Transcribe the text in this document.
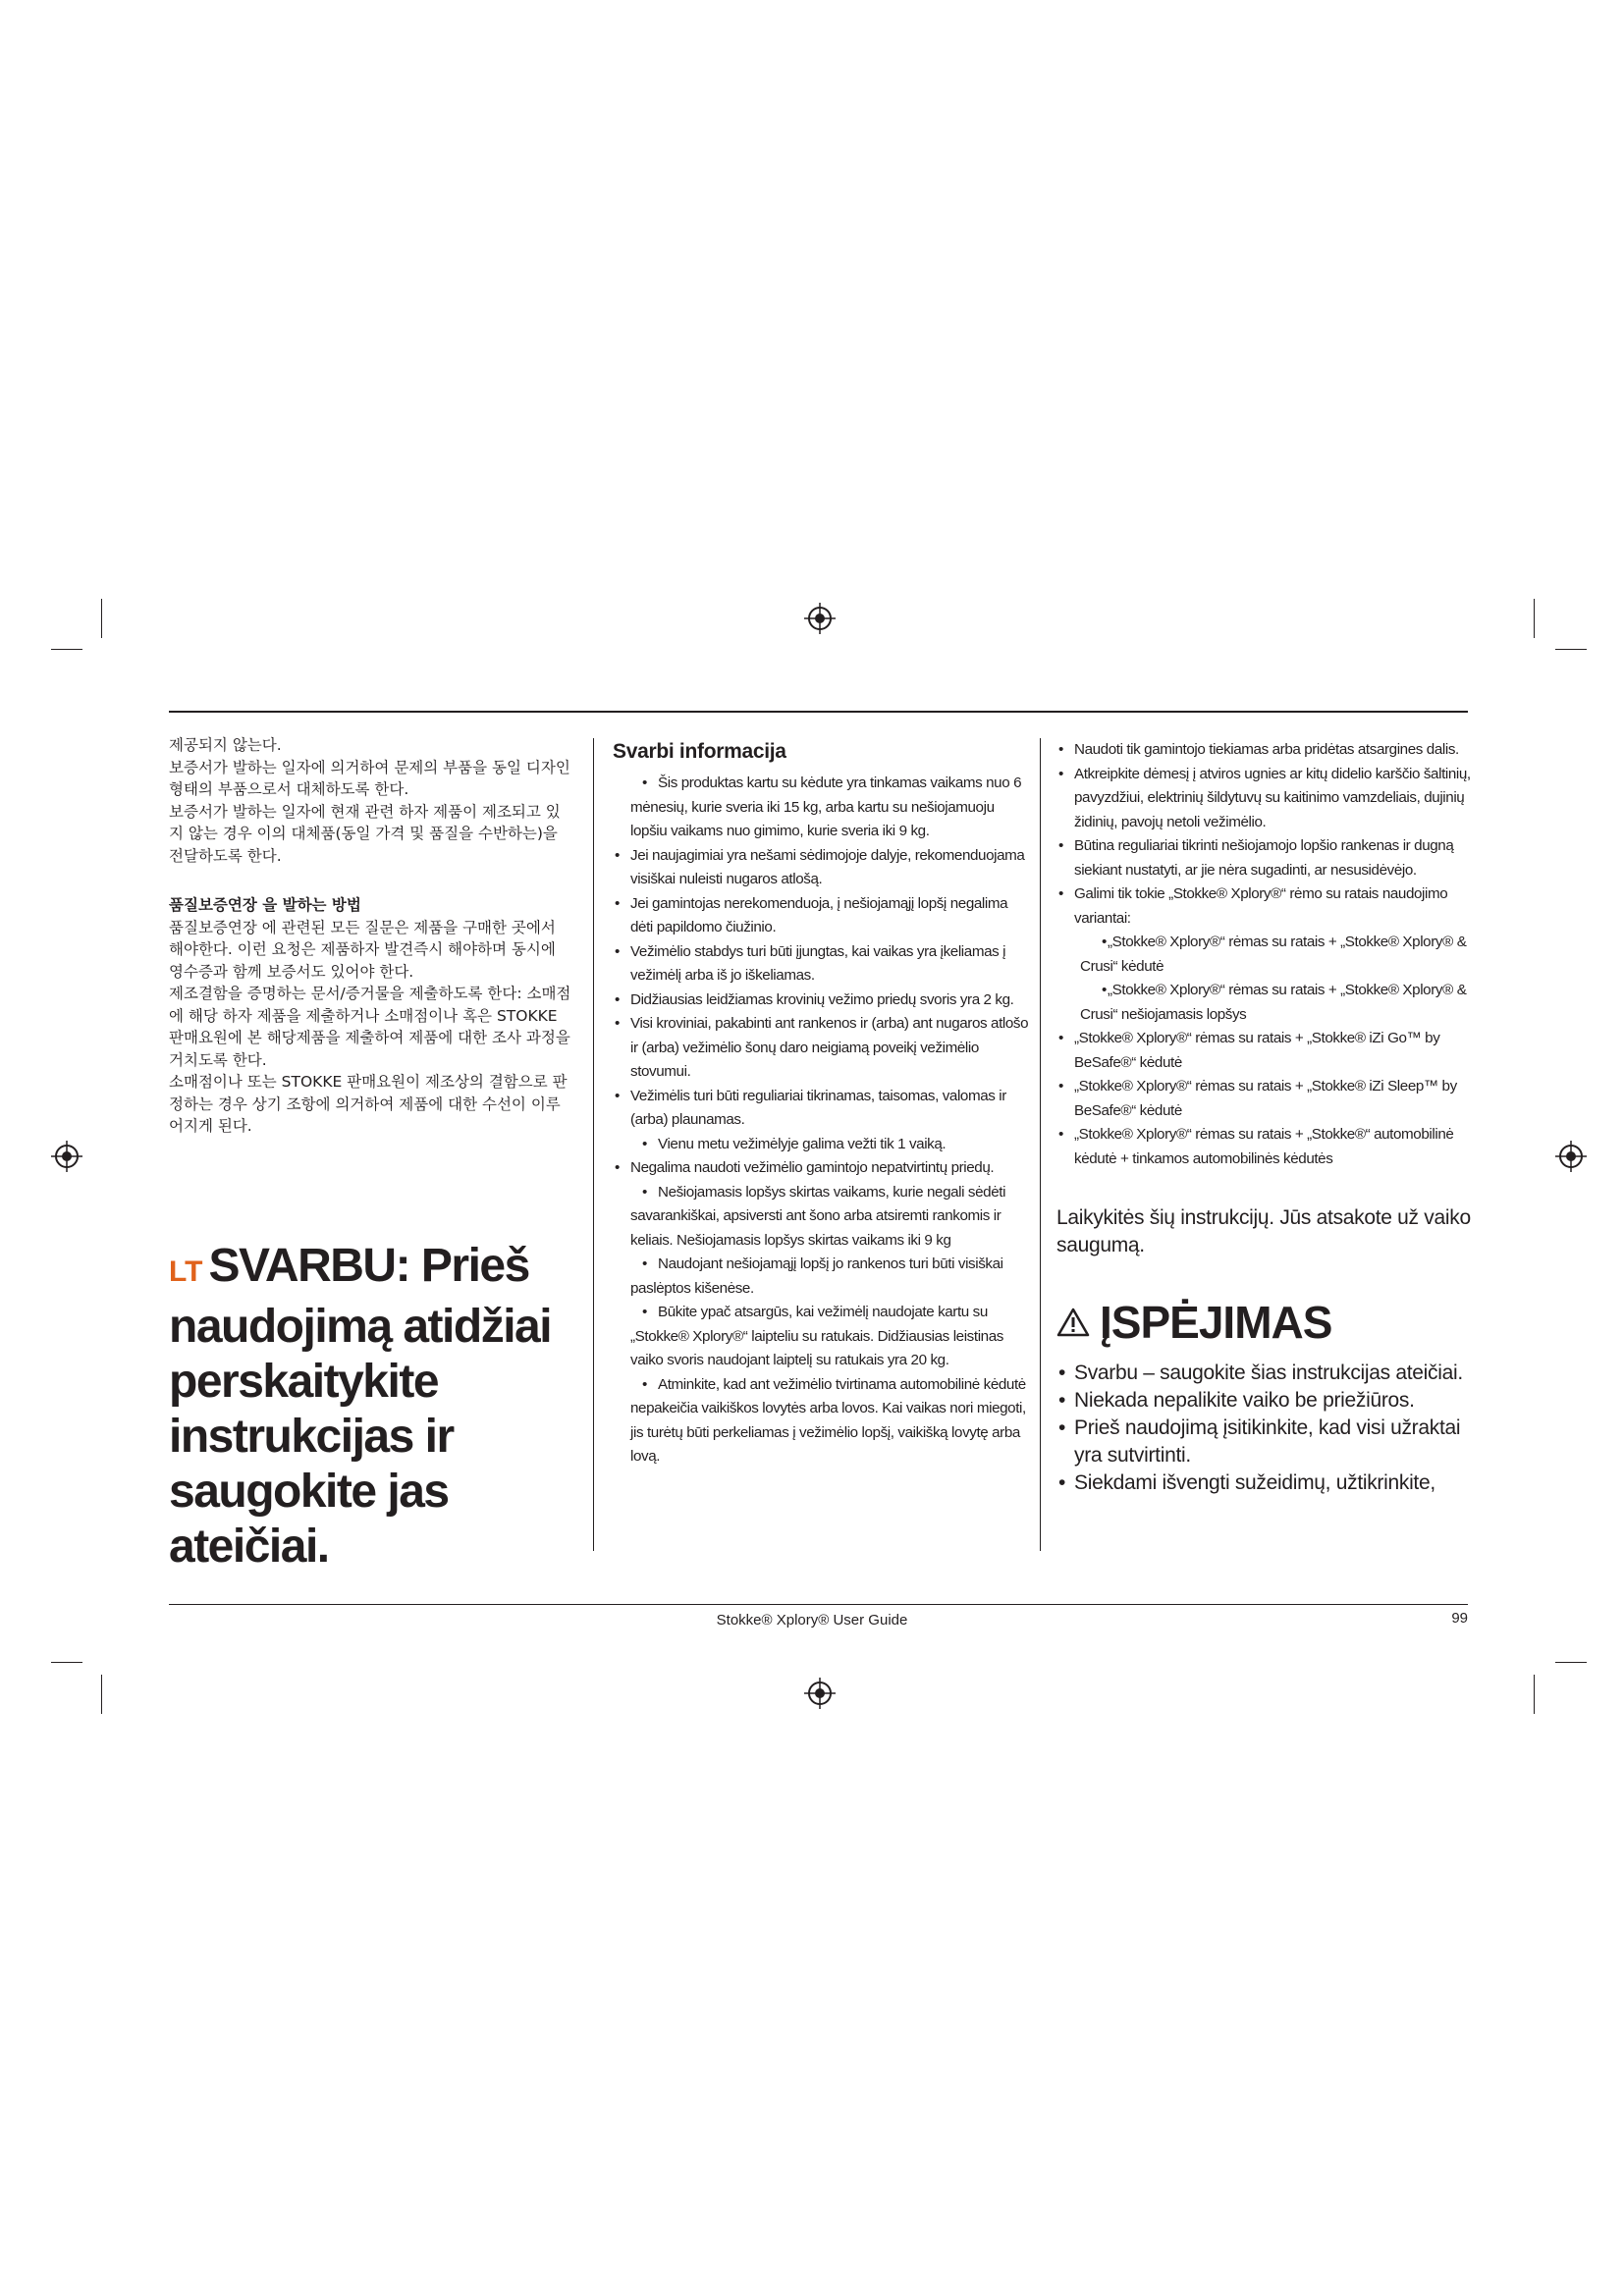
제공되지 않는다.

보증서가 발하는 일자에 의거하여 문제의 부품을 동일 디자인 형태의 부품으로서 대체하도록 한다.

보증서가 발하는 일자에 현재 관련 하자 제품이 제조되고 있지 않는 경우 이의 대체품(동일 가격 및 품질을 수반하는)을 전달하도록 한다.

품질보증연장 을 발하는 방법

품질보증연장 에 관련된 모든 질문은 제품을 구매한 곳에서 해야한다. 이런 요청은 제품하자 발견즉시 해야하며 동시에 영수증과 함께 보증서도 있어야 한다.

제조결함을 증명하는 문서/증거물을 제출하도록 한다: 소매점에 해당 하자 제품을 제출하거나 소매점이나 혹은 STOKKE 판매요원에 본 해당제품을 제출하여 제품에 대한 조사 과정을 거치도록 한다.

소매점이나 또는 STOKKE 판매요원이 제조상의 결함으로 판정하는 경우 상기 조항에 의거하여 제품에 대한 수선이 이루어지게 된다.

LT SVARBU: Prieš naudojimą atidžiai perskaitykite instrukcijas ir saugokite jas ateičiai.
Svarbi informacija
• Šis produktas kartu su kėdute yra tinkamas vaikams nuo 6 mėnesių, kurie sveria iki 15 kg, arba kartu su nešiojamuoju lopšiu vaikams nuo gimimo, kurie sveria iki 9 kg.
• Jei naujagimiai yra nešami sėdimojoje dalyje, rekomenduojama visiškai nuleisti nugaros atlošą.
• Jei gamintojas nerekomenduoja, į nešiojamąjį lopšį negalima dėti papildomo čiužinio.
• Vežimėlio stabdys turi būti įjungtas, kai vaikas yra įkeliamas į vežimėlį arba iš jo iškeliamas.
• Didžiausias leidžiamas krovinių vežimo priedų svoris yra 2 kg.
• Visi kroviniai, pakabinti ant rankenos ir (arba) ant nugaros atlošo ir (arba) vežimėlio šonų daro neigiamą poveikį vežimėlio stovumui.
• Vežimėlis turi būti reguliariai tikrinamas, taisomas, valomas ir (arba) plaunamas.
• Vienu metu vežimėlyje galima vežti tik 1 vaiką.
• Negalima naudoti vežimėlio gamintojo nepatvirtintų priedų.
• Nešiojamasis lopšys skirtas vaikams, kurie negali sėdėti savarankiškai, apsiversti ant šono arba atsiremti rankomis ir keliais. Nešiojamasis lopšys skirtas vaikams iki 9 kg
• Naudojant nešiojamąjį lopšį jo rankenos turi būti visiškai paslėptos kišenėse.
• Būkite ypač atsargūs, kai vežimėlį naudojate kartu su „Stokke® Xplory®“ laipteliu su ratukais. Didžiausias leistinas vaiko svoris naudojant laiptelį su ratukais yra 20 kg.
• Atminkite, kad ant vežimėlio tvirtinama automobilinė kėdutė nepakeičia vaikiškos lovytės arba lovos. Kai vaikas nori miegoti, jis turėtų būti perkeliamas į vežimėlio lopšį, vaikišką lovytę arba lovą.
• Naudoti tik gamintojo tiekiamas arba pridėtas atsargines dalis.
• Atkreipkite dėmesį į atviros ugnies ar kitų didelio karščio šaltinių, pavyzdžiui, elektrinių šildytuvų su kaitinimo vamzdeliais, dujinių židinių, pavojų netoli vežimėlio.
• Būtina reguliariai tikrinti nešiojamojo lopšio rankenas ir dugną siekiant nustatyti, ar jie nėra sugadinti, ar nesusidėvėjo.
• Galimi tik tokie „Stokke® Xplory®“ rėmo su ratais naudojimo variantai:
• „Stokke® Xplory®“ rėmas su ratais + „Stokke® Xplory® & Crusi“ kėdutė
• „Stokke® Xplory®“ rėmas su ratais + „Stokke® Xplory® & Crusi“ nešiojamasis lopšys
• „Stokke® Xplory®“ rėmas su ratais + „Stokke® iZi Go™ by BeSafe®“ kėdutė
• „Stokke® Xplory®“ rėmas su ratais + „Stokke® iZi Sleep™ by BeSafe®“ kėdutė
• „Stokke® Xplory®“ rėmas su ratais + „Stokke®“ automobilinė kėdutė + tinkamos automobilinės kėdutės

Laikykitės šių instrukcijų. Jūs atsakote už vaiko saugumą.

ĮSPĖJIMAS
• Svarbu – saugokite šias instrukcijas ateičiai.
• Niekada nepalikite vaiko be priežiūros.
• Prieš naudojimą įsitikinkite, kad visi užraktai yra sutvirtinti.
• Siekdami išvengti sužeidimų, užtikrinkite,
Stokke® Xplory® User Guide	99
